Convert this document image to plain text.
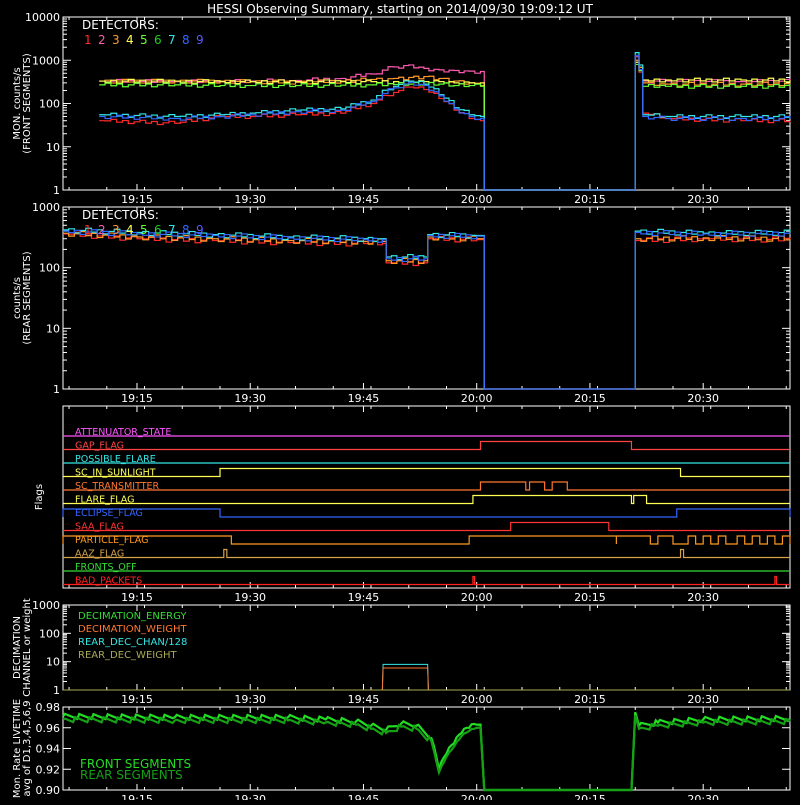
HESSI Observing Summary, starting on 2014/09/30 19:09:12 UT
19:15	19:30	19:45	20:00	20:15	20:30
1
10
100
1000
10000
MON. counts/s (FRONT SEGMENTS)
DETECTORS:
1 2 3 4 5 6 7 8 9
19:15	19:30	19:45	20:00	20:15	20:30
1
10
100
1000
counts/s (REAR SEGMENTS)
DETECTORS:
1 2 3 4 5 6 7 8 9
19:15	19:30	19:45	20:00	20:15	20:30
Flags
ATTENUATOR_STATE
GAP_FLAG
POSSIBLE_FLARE
SC_IN_SUNLIGHT
SC_TRANSMITTER
FLARE_FLAG
ECLIPSE_FLAG
SAA_FLAG
PARTICLE_FLAG
AAZ_FLAG
FRONTS_OFF
BAD_PACKETS
19:15	19:30	19:45	20:00	20:15	20:30
1
10
100
1000
DECIMATION CHANNEL or weight	DECIMATION_ENERGY
DECIMATION_WEIGHT
REAR_DEC_CHAN/128
REAR_DEC_WEIGHT
19:15	19:30	19:45	20:00	20:15	20:30
0.90
0.92
0.94
0.96
0.98
Mon. Rate LIVETIME avg of D1,3,4,5,6,9	FRONT SEGMENTS
REAR SEGMENTS
